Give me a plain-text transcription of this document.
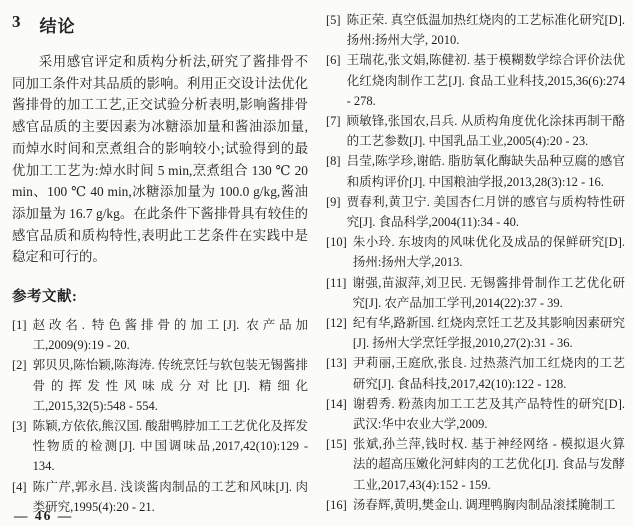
3 结论

采用感官评定和质构分析法,研究了酱排骨不同加工条件对其品质的影响。利用正交设计法优化酱排骨的加工工艺,正交试验分析表明,影响酱排骨感官品质的主要因素为冰糖添加量和酱油添加量,而焯水时间和烹煮组合的影响较小;试验得到的最优加工工艺为:焯水时间 5 min,烹煮组合 130 ℃ 20 min、100 ℃ 40 min,冰糖添加量为 100.0 g/kg,酱油添加量为 16.7 g/kg。在此条件下酱排骨具有较佳的感官品质和质构特性,表明此工艺条件在实践中是稳定和可行的。

参考文献:
[1] 赵改名. 特色酱排骨的加工[J]. 农产品加工,2009(9):19 - 20.
[2] 郭贝贝,陈怡颖,陈海涛. 传统烹饪与软包装无锡酱排骨的挥发性风味成分对比[J]. 精细化工,2015,32(5):548 - 554.
[3] 陈颖,方依依,熊汉国. 酸甜鸭脖加工工艺优化及挥发性物质的检测[J]. 中国调味品,2017,42(10):129 - 134.
[4] 陈广芹,郭永昌. 浅谈酱肉制品的工艺和风味[J]. 肉类研究,1995(4):20 - 21.
[5] 陈正荣. 真空低温加热红烧肉的工艺标准化研究[D]. 扬州:扬州大学, 2010.
[6] 王瑞花,张文娟,陈健初. 基于模糊数学综合评价法优化红烧肉制作工艺[J]. 食品工业科技,2015,36(6):274 - 278.
[7] 顾敏锋,张国农,吕兵. 从质构角度优化涂抹再制干酪的工艺参数[J]. 中国乳品工业,2005(4):20 - 23.
[8] 吕莹,陈学珍,谢皓. 脂肪氧化酶缺失品种豆腐的感官和质构评价[J]. 中国粮油学报,2013,28(3):12 - 16.
[9] 贾春利,黄卫宁. 美国杏仁月饼的感官与质构特性研究[J]. 食品科学,2004(11):34 - 40.
[10] 朱小玲. 东坡肉的风味优化及成品的保鲜研究[D]. 扬州:扬州大学,2013.
[11] 谢强,苗淑萍,刘卫民. 无锡酱排骨制作工艺优化研究[J]. 农产品加工学刊,2014(22):37 - 39.
[12] 纪有华,路新国. 红烧肉烹饪工艺及其影响因素研究[J]. 扬州大学烹饪学报,2010,27(2):31 - 36.
[13] 尹莉丽,王庭欣,张良. 过热蒸汽加工红烧肉的工艺研究[J]. 食品科技,2017,42(10):122 - 128.
[14] 谢碧秀. 粉蒸肉加工工艺及其产品特性的研究[D]. 武汉:华中农业大学,2009.
[15] 张斌,孙兰萍,钱时权. 基于神经网络 - 模拟退火算法的超高压嫩化河蚌肉的工艺优化[J]. 食品与发酵工业,2017,43(4):152 - 159.
[16] 汤春辉,黄明,樊金山. 调理鸭胸肉制品滚揉腌制工
— 46 —
